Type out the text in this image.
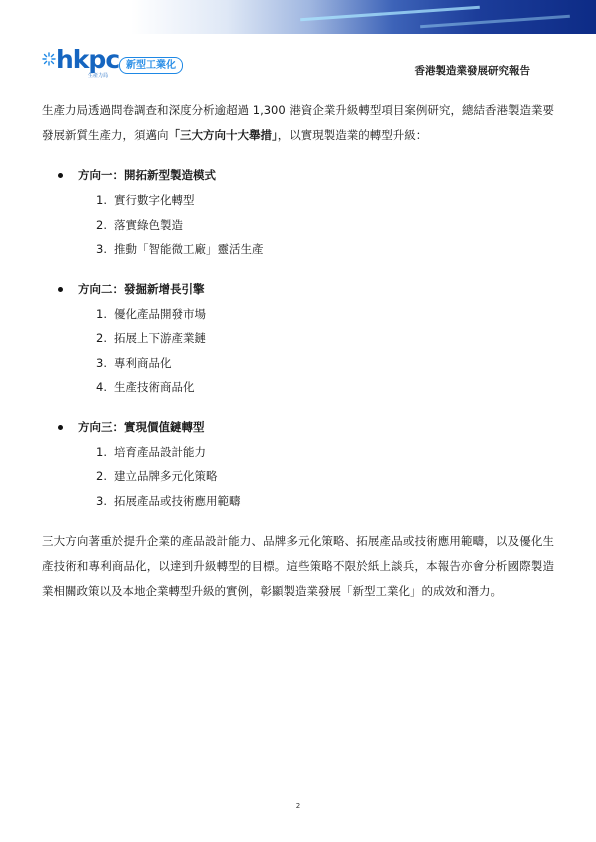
hkpc
生產力局
新型工業化	香港製造業發展研究報告

生產力局透過問卷調查和深度分析逾超過 1,300 港資企業升級轉型項目案例研究，總結香港製造業要發展新質生產力，須邁向「三大方向十大舉措」，以實現製造業的轉型升級：

方向一：開拓新型製造模式
1. 實行數字化轉型
2. 落實綠色製造
3. 推動「智能微工廠」靈活生產
方向二：發掘新增長引擎
1. 優化產品開發市場
2. 拓展上下游產業鏈
3. 專利商品化
4. 生產技術商品化
方向三：實現價值鏈轉型
1. 培育產品設計能力
2. 建立品牌多元化策略
3. 拓展產品或技術應用範疇

三大方向著重於提升企業的產品設計能力、品牌多元化策略、拓展產品或技術應用範疇，以及優化生產技術和專利商品化，以達到升級轉型的目標。這些策略不限於紙上談兵，本報告亦會分析國際製造業相關政策以及本地企業轉型升級的實例，彰顯製造業發展「新型工業化」的成效和潛力。

2
